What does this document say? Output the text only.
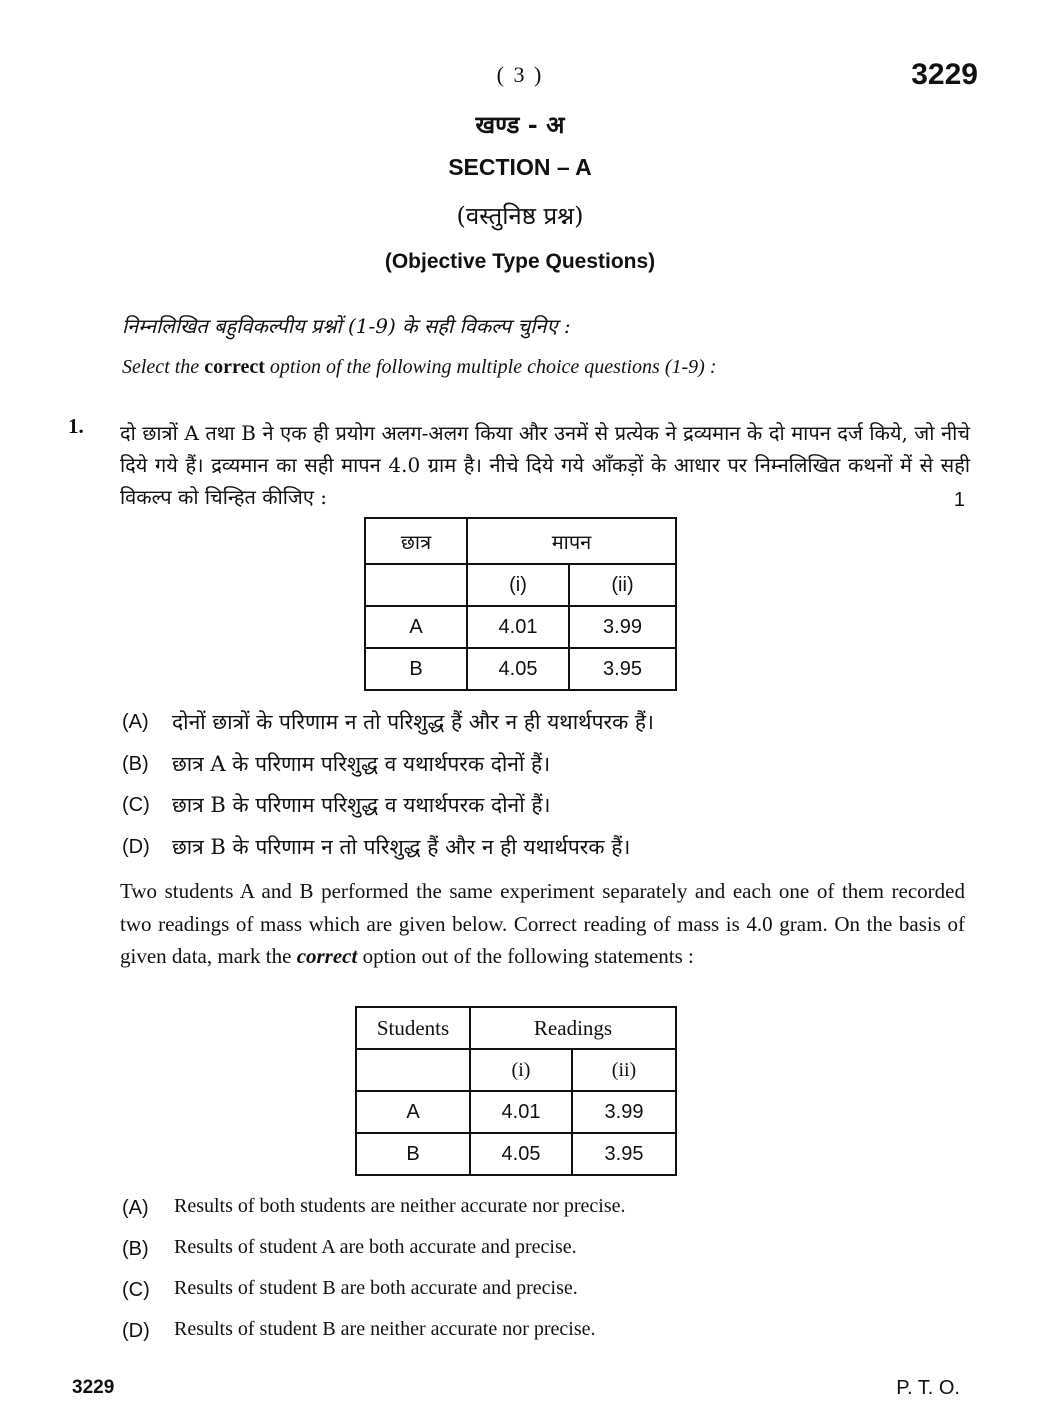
( 3 )	3229
खण्ड - अ
SECTION – A
(वस्तुनिष्ठ प्रश्न)
(Objective Type Questions)
निम्नलिखित बहुविकल्पीय प्रश्नों (1-9) के सही विकल्प चुनिए :
Select the correct option of the following multiple choice questions (1-9) :
1. दो छात्रों A तथा B ने एक ही प्रयोग अलग-अलग किया और उनमें से प्रत्येक ने द्रव्यमान के दो मापन दर्ज किये, जो नीचे दिये गये हैं। द्रव्यमान का सही मापन 4.0 ग्राम है। नीचे दिये गये आँकड़ों के आधार पर निम्नलिखित कथनों में से सही विकल्प को चिन्हित कीजिए :	1
छात्र	मापन	
	(i)	(ii)
A	4.01	3.99
B	4.05	3.95
(A) दोनों छात्रों के परिणाम न तो परिशुद्ध हैं और न ही यथार्थपरक हैं।
(B) छात्र A के परिणाम परिशुद्ध व यथार्थपरक दोनों हैं।
(C) छात्र B के परिणाम परिशुद्ध व यथार्थपरक दोनों हैं।
(D) छात्र B के परिणाम न तो परिशुद्ध हैं और न ही यथार्थपरक हैं।
Two students A and B performed the same experiment separately and each one of them recorded two readings of mass which are given below. Correct reading of mass is 4.0 gram. On the basis of given data, mark the correct option out of the following statements :
Students	Readings	
	(i)	(ii)
A	4.01	3.99
B	4.05	3.95
(A) Results of both students are neither accurate nor precise.
(B) Results of student A are both accurate and precise.
(C) Results of student B are both accurate and precise.
(D) Results of student B are neither accurate nor precise.
3229	P. T. O.
